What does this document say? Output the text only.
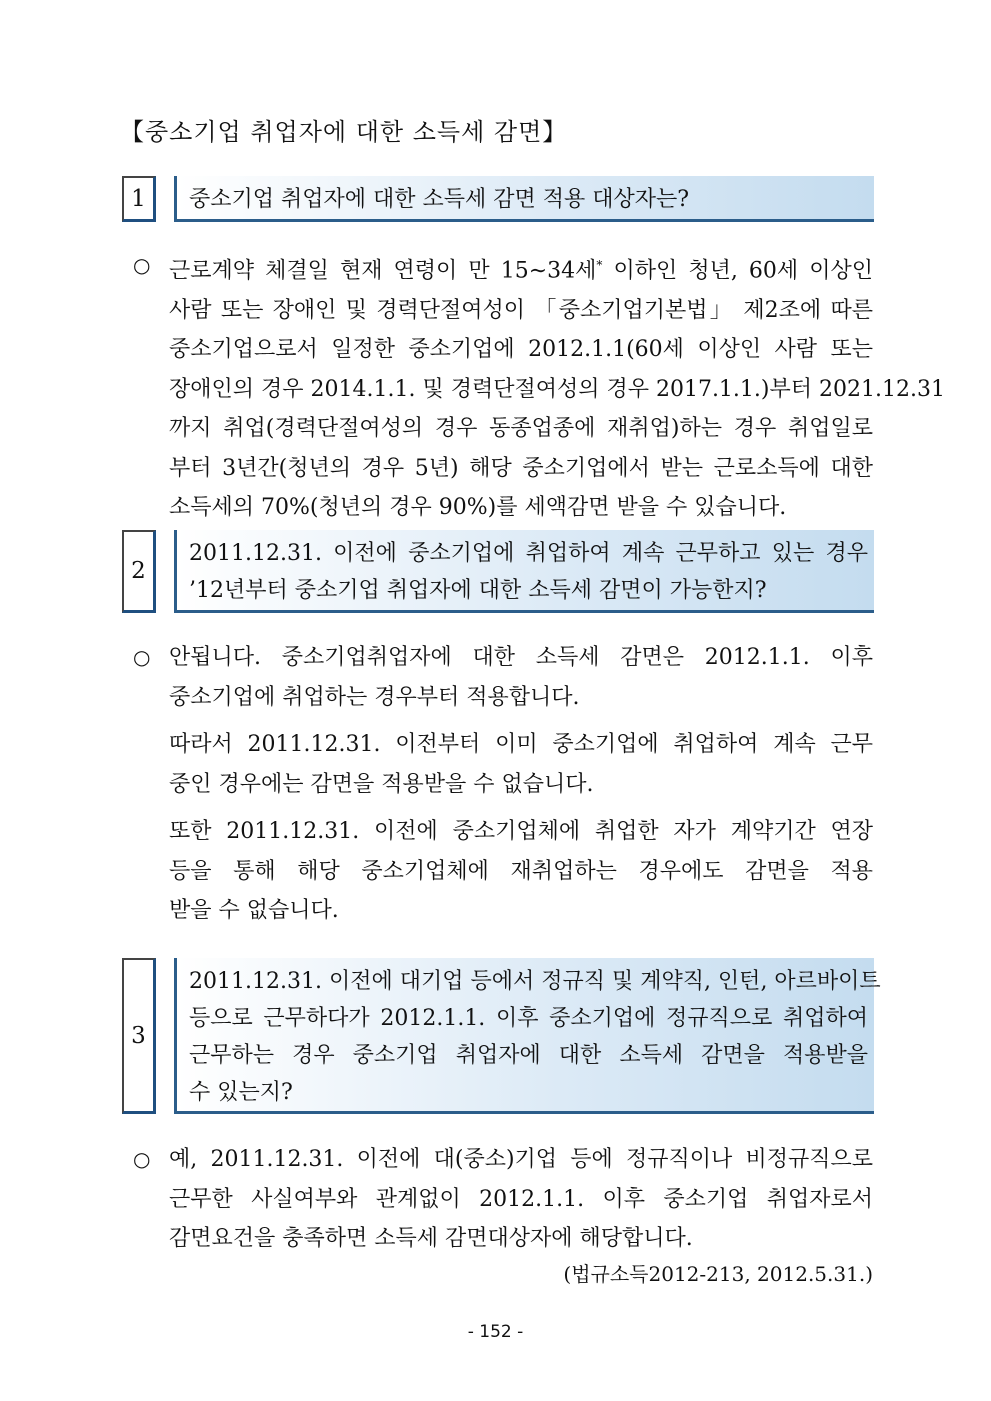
【중소기업 취업자에 대한 소득세 감면】
1	중소기업 취업자에 대한 소득세 감면 적용 대상자는?
○ 근로계약 체결일 현재 연령이 만 15∼34세* 이하인 청년, 60세 이상인
사람 또는 장애인 및 경력단절여성이 「중소기업기본법」 제2조에 따른
중소기업으로서 일정한 중소기업에 2012.1.1(60세 이상인 사람 또는
장애인의 경우 2014.1.1. 및 경력단절여성의 경우 2017.1.1.)부터 2021.12.31
까지 취업(경력단절여성의 경우 동종업종에 재취업)하는 경우 취업일로
부터 3년간(청년의 경우 5년) 해당 중소기업에서 받는 근로소득에 대한
소득세의 70%(청년의 경우 90%)를 세액감면 받을 수 있습니다.
2
2011.12.31. 이전에 중소기업에 취업하여 계속 근무하고 있는 경우
’12년부터 중소기업 취업자에 대한 소득세 감면이 가능한지?
○ 안됩니다. 중소기업취업자에 대한 소득세 감면은 2012.1.1. 이후
중소기업에 취업하는 경우부터 적용합니다.
따라서 2011.12.31. 이전부터 이미 중소기업에 취업하여 계속 근무
중인 경우에는 감면을 적용받을 수 없습니다.
또한 2011.12.31. 이전에 중소기업체에 취업한 자가 계약기간 연장
등을 통해 해당 중소기업체에 재취업하는 경우에도 감면을 적용
받을 수 없습니다.
3
2011.12.31. 이전에 대기업 등에서 정규직 및 계약직, 인턴, 아르바이트
등으로 근무하다가 2012.1.1. 이후 중소기업에 정규직으로 취업하여
근무하는 경우 중소기업 취업자에 대한 소득세 감면을 적용받을
수 있는지?
○ 예, 2011.12.31. 이전에 대(중소)기업 등에 정규직이나 비정규직으로
근무한 사실여부와 관계없이 2012.1.1. 이후 중소기업 취업자로서
감면요건을 충족하면 소득세 감면대상자에 해당합니다.
(법규소득2012-213, 2012.5.31.)
- 152 -
